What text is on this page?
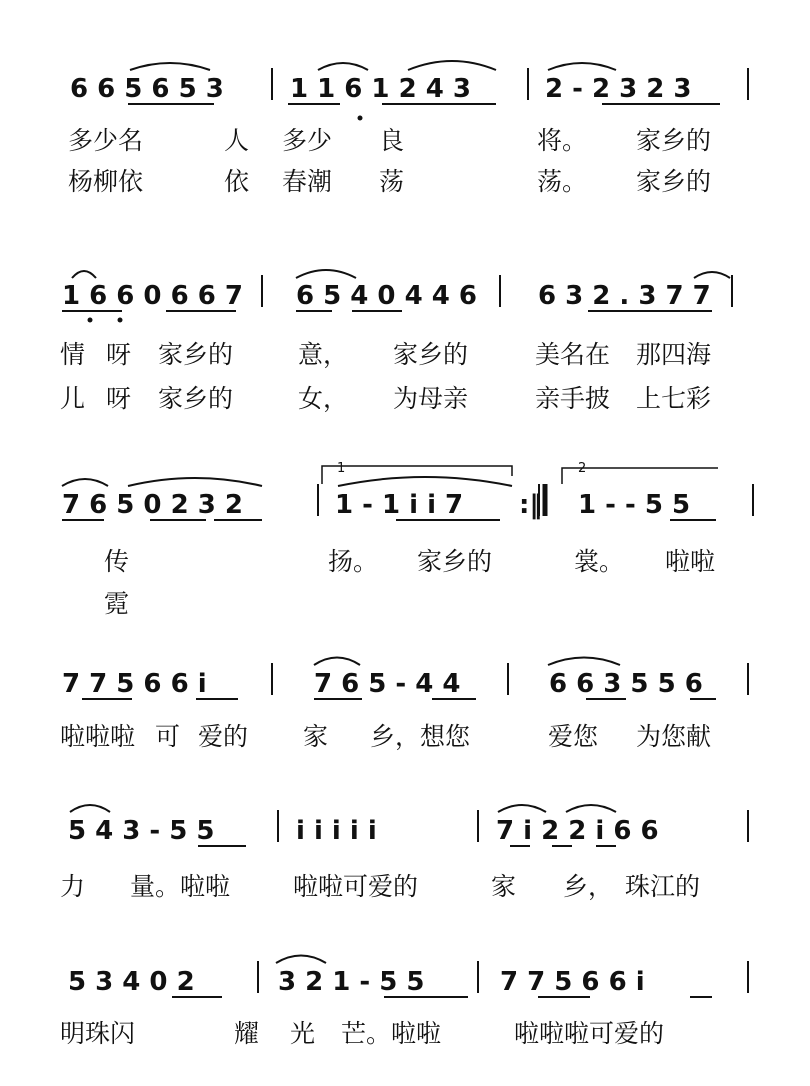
6 6 5 6 5 3	1 1 6 1 2 4 3	2 - 2 3 2 3
多少名	人 多少 良	将。 家乡的
杨柳依	依 春潮 荡	荡。 家乡的
1 6 6 0 6 6 7 6 5 4 0 4 4 6 6 3 2 . 3 7 7
情 呀 家乡的	意， 家乡的	美名在 那四海
儿 呀 家乡的	女， 为母亲	亲手披 上七彩
7 6 5 0 2 3 2	1 - 1 i i 7	1 - - 5 5
:‖
1	2
传	扬。 家乡的	裳。 啦啦
霓
7 7 5 6 6 i	7 6 5 - 4 4	6 6 3 5 5 6
啦啦啦 可 爱的 家 乡，想您	爱您 为您献
5 4 3 - 5 5	i i i i i	7 i 2 2 i 6 6
力 量。啦啦	啦啦可爱的	家 乡， 珠江的
5 3 4 0 2	3 2 1 - 5 5	7 7 5 6 6 i
明珠闪	耀 光 芒。啦啦	啦啦啦可爱的
